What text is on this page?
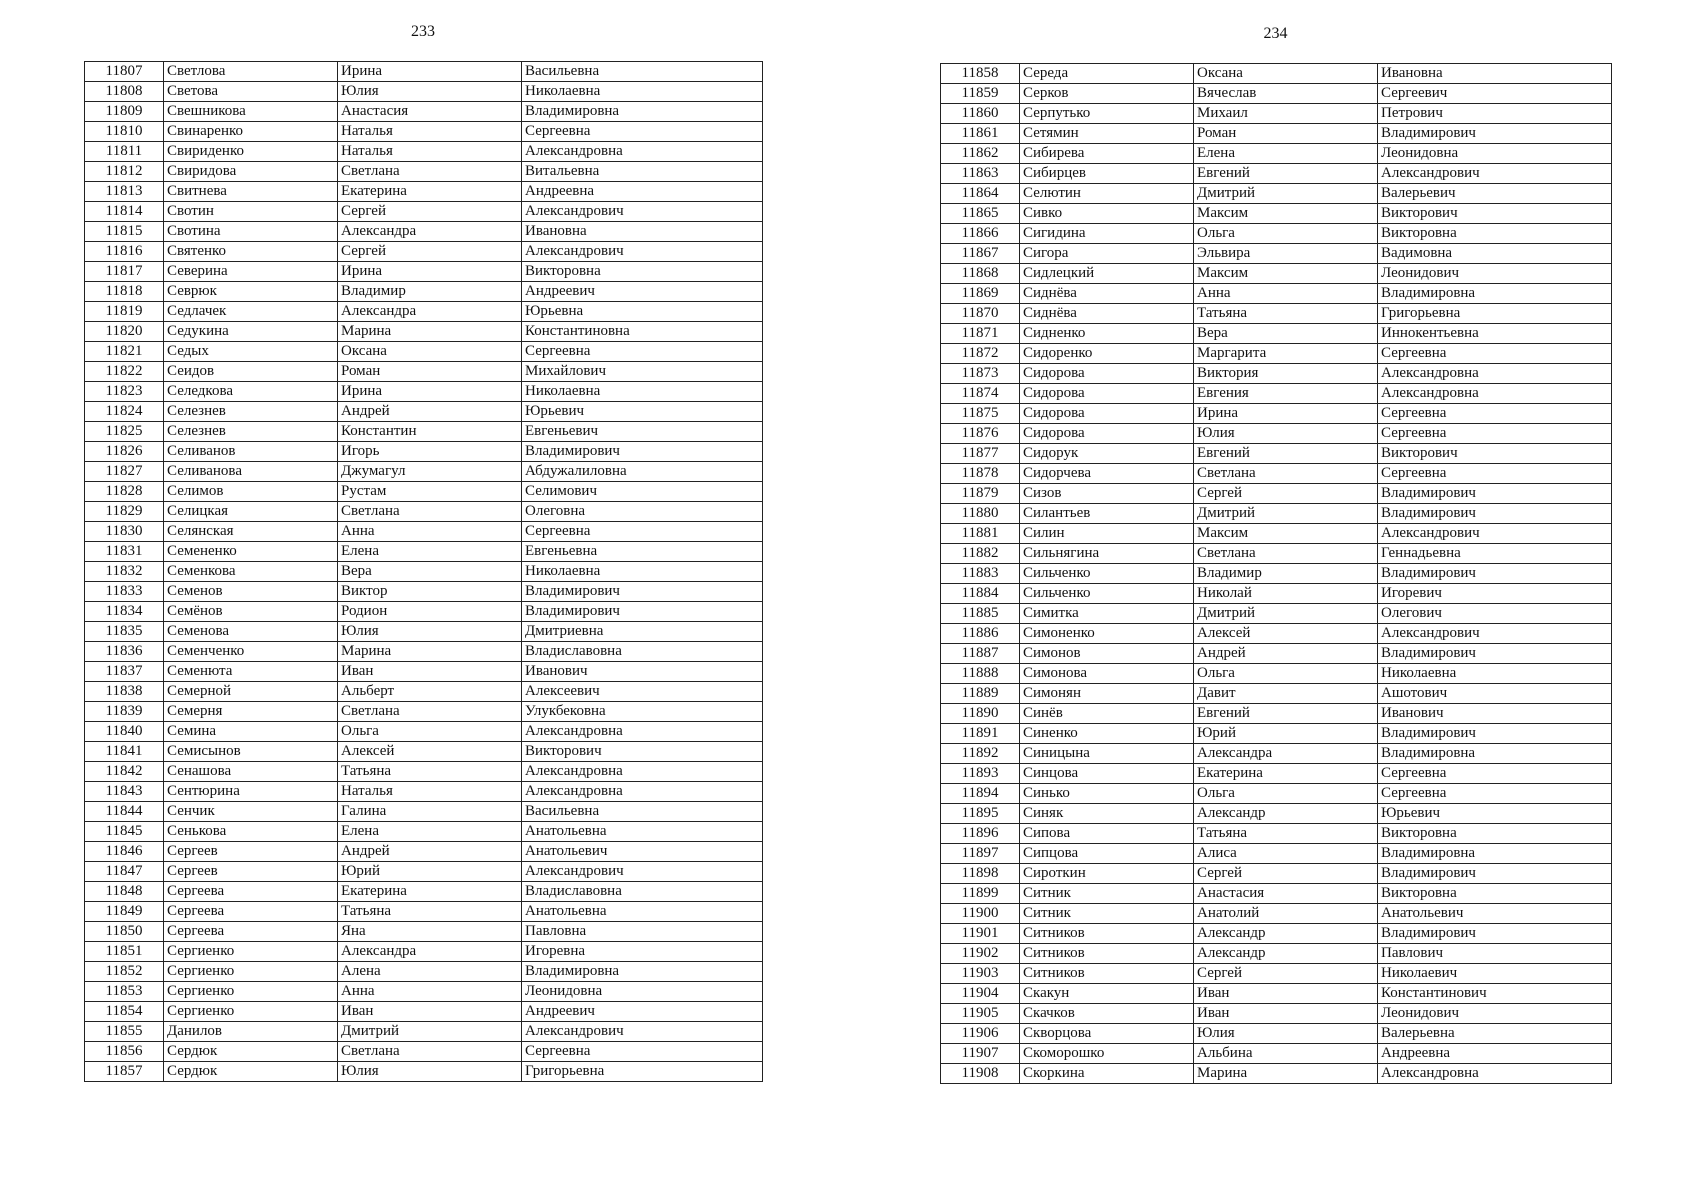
233
11807	Светлова	Ирина	Васильевна
11808	Светова	Юлия	Николаевна
11809	Свешникова	Анастасия	Владимировна
11810	Свинаренко	Наталья	Сергеевна
11811	Свириденко	Наталья	Александровна
11812	Свиридова	Светлана	Витальевна
11813	Свитнева	Екатерина	Андреевна
11814	Свотин	Сергей	Александрович
11815	Свотина	Александра	Ивановна
11816	Святенко	Сергей	Александрович
11817	Северина	Ирина	Викторовна
11818	Севрюк	Владимир	Андреевич
11819	Седлачек	Александра	Юрьевна
11820	Седукина	Марина	Константиновна
11821	Седых	Оксана	Сергеевна
11822	Сеидов	Роман	Михайлович
11823	Селедкова	Ирина	Николаевна
11824	Селезнев	Андрей	Юрьевич
11825	Селезнев	Константин	Евгеньевич
11826	Селиванов	Игорь	Владимирович
11827	Селиванова	Джумагул	Абдужалиловна
11828	Селимов	Рустам	Селимович
11829	Селицкая	Светлана	Олеговна
11830	Селянская	Анна	Сергеевна
11831	Семененко	Елена	Евгеньевна
11832	Семенкова	Вера	Николаевна
11833	Семенов	Виктор	Владимирович
11834	Семёнов	Родион	Владимирович
11835	Семенова	Юлия	Дмитриевна
11836	Семенченко	Марина	Владиславовна
11837	Семенюта	Иван	Иванович
11838	Семерной	Альберт	Алексеевич
11839	Семерня	Светлана	Улукбековна
11840	Семина	Ольга	Александровна
11841	Семисынов	Алексей	Викторович
11842	Сенашова	Татьяна	Александровна
11843	Сентюрина	Наталья	Александровна
11844	Сенчик	Галина	Васильевна
11845	Сенькова	Елена	Анатольевна
11846	Сергеев	Андрей	Анатольевич
11847	Сергеев	Юрий	Александрович
11848	Сергеева	Екатерина	Владиславовна
11849	Сергеева	Татьяна	Анатольевна
11850	Сергеева	Яна	Павловна
11851	Сергиенко	Александра	Игоревна
11852	Сергиенко	Алена	Владимировна
11853	Сергиенко	Анна	Леонидовна
11854	Сергиенко	Иван	Андреевич
11855	Данилов	Дмитрий	Александрович
11856	Сердюк	Светлана	Сергеевна
11857	Сердюк	Юлия	Григорьевна
234
11858	Середа	Оксана	Ивановна
11859	Серков	Вячеслав	Сергеевич
11860	Серпутько	Михаил	Петрович
11861	Сетямин	Роман	Владимирович
11862	Сибирева	Елена	Леонидовна
11863	Сибирцев	Евгений	Александрович
11864	Селютин	Дмитрий	Валерьевич
11865	Сивко	Максим	Викторович
11866	Сигидина	Ольга	Викторовна
11867	Сигора	Эльвира	Вадимовна
11868	Сидлецкий	Максим	Леонидович
11869	Сиднёва	Анна	Владимировна
11870	Сиднёва	Татьяна	Григорьевна
11871	Сидненко	Вера	Иннокентьевна
11872	Сидоренко	Маргарита	Сергеевна
11873	Сидорова	Виктория	Александровна
11874	Сидорова	Евгения	Александровна
11875	Сидорова	Ирина	Сергеевна
11876	Сидорова	Юлия	Сергеевна
11877	Сидорук	Евгений	Викторович
11878	Сидорчева	Светлана	Сергеевна
11879	Сизов	Сергей	Владимирович
11880	Силантьев	Дмитрий	Владимирович
11881	Силин	Максим	Александрович
11882	Сильнягина	Светлана	Геннадьевна
11883	Сильченко	Владимир	Владимирович
11884	Сильченко	Николай	Игоревич
11885	Симитка	Дмитрий	Олегович
11886	Симоненко	Алексей	Александрович
11887	Симонов	Андрей	Владимирович
11888	Симонова	Ольга	Николаевна
11889	Симонян	Давит	Ашотович
11890	Синёв	Евгений	Иванович
11891	Синенко	Юрий	Владимирович
11892	Синицына	Александра	Владимировна
11893	Синцова	Екатерина	Сергеевна
11894	Синько	Ольга	Сергеевна
11895	Синяк	Александр	Юрьевич
11896	Сипова	Татьяна	Викторовна
11897	Сипцова	Алиса	Владимировна
11898	Сироткин	Сергей	Владимирович
11899	Ситник	Анастасия	Викторовна
11900	Ситник	Анатолий	Анатольевич
11901	Ситников	Александр	Владимирович
11902	Ситников	Александр	Павлович
11903	Ситников	Сергей	Николаевич
11904	Скакун	Иван	Константинович
11905	Скачков	Иван	Леонидович
11906	Скворцова	Юлия	Валерьевна
11907	Скоморошко	Альбина	Андреевна
11908	Скоркина	Марина	Александровна
